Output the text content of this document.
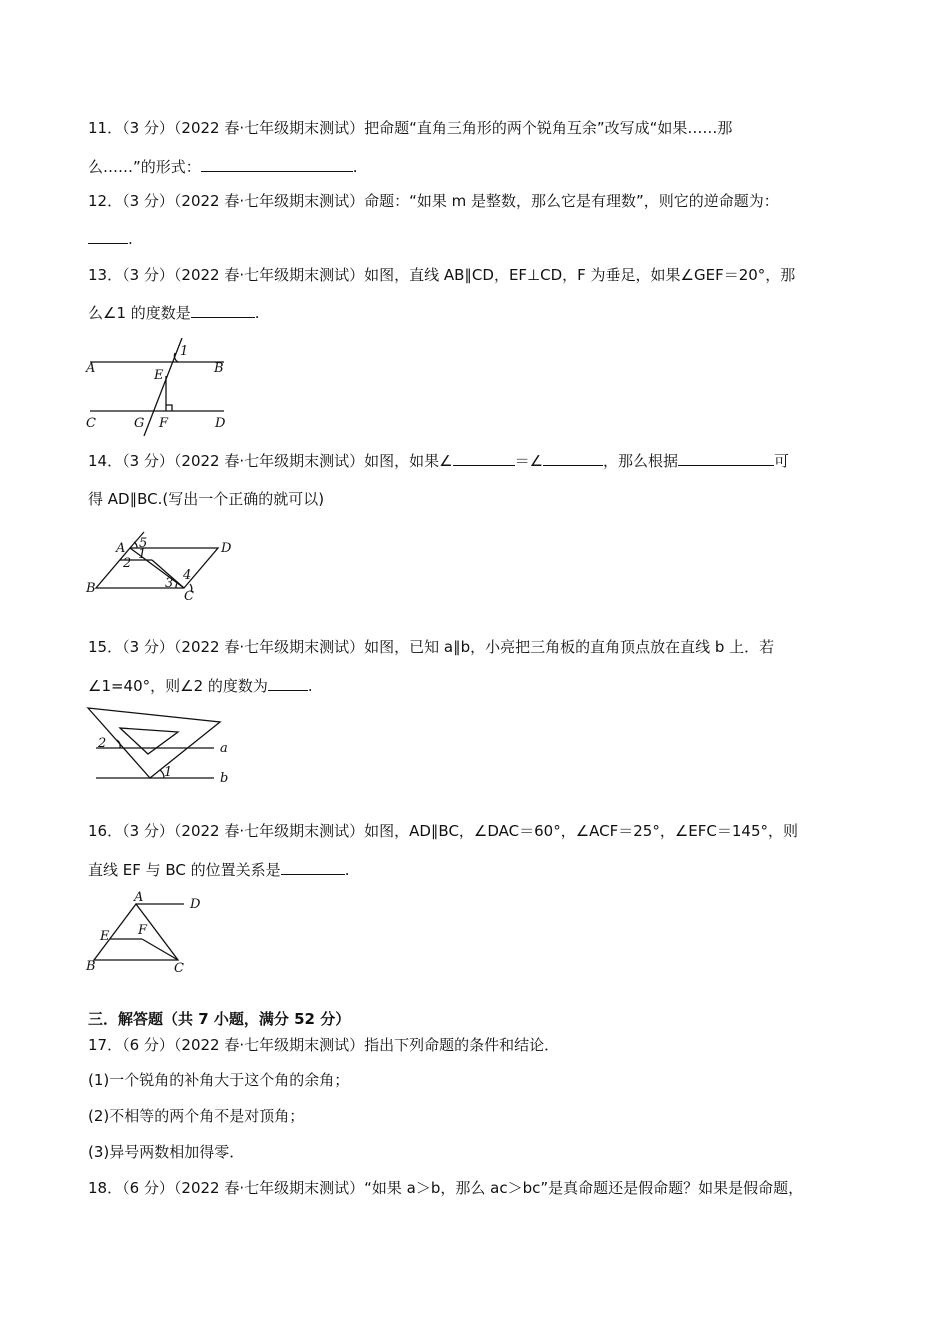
11．（3 分）（2022 春·七年级期末测试）把命题“直角三角形的两个锐角互余”改写成“如果……那
么……”的形式：	.
12．（3 分）（2022 春·七年级期末测试）命题：“如果 m 是整数，那么它是有理数”，则它的逆命题为：
.
13．（3 分）（2022 春·七年级期末测试）如图，直线 AB∥CD，EF⊥CD，F 为垂足，如果∠GEF＝20°，那
么∠1 的度数是	.
1
A	B
E
C	G F	D
14．（3 分）（2022 春·七年级期末测试）如图，如果∠	＝∠	，那么根据	可
得 AD∥BC.(写出一个正确的就可以)
A 5
1
2
D
4
3
B
C
15．（3 分）（2022 春·七年级期末测试）如图，已知 a∥b，小亮把三角板的直角顶点放在直线 b 上．若
∠1=40°，则∠2 的度数为	.
2	a
1	b
16．（3 分）（2022 春·七年级期末测试）如图，AD∥BC，∠DAC＝60°，∠ACF＝25°，∠EFC＝145°，则
直线 EF 与 BC 的位置关系是	.
A	D
E F
B	C
三．解答题（共 7 小题，满分 52 分）
17．（6 分）（2022 春·七年级期末测试）指出下列命题的条件和结论．
(1)一个锐角的补角大于这个角的余角；
(2)不相等的两个角不是对顶角；
(3)异号两数相加得零．
18．（6 分）（2022 春·七年级期末测试）“如果 a＞b，那么 ac＞bc”是真命题还是假命题？如果是假命题，
